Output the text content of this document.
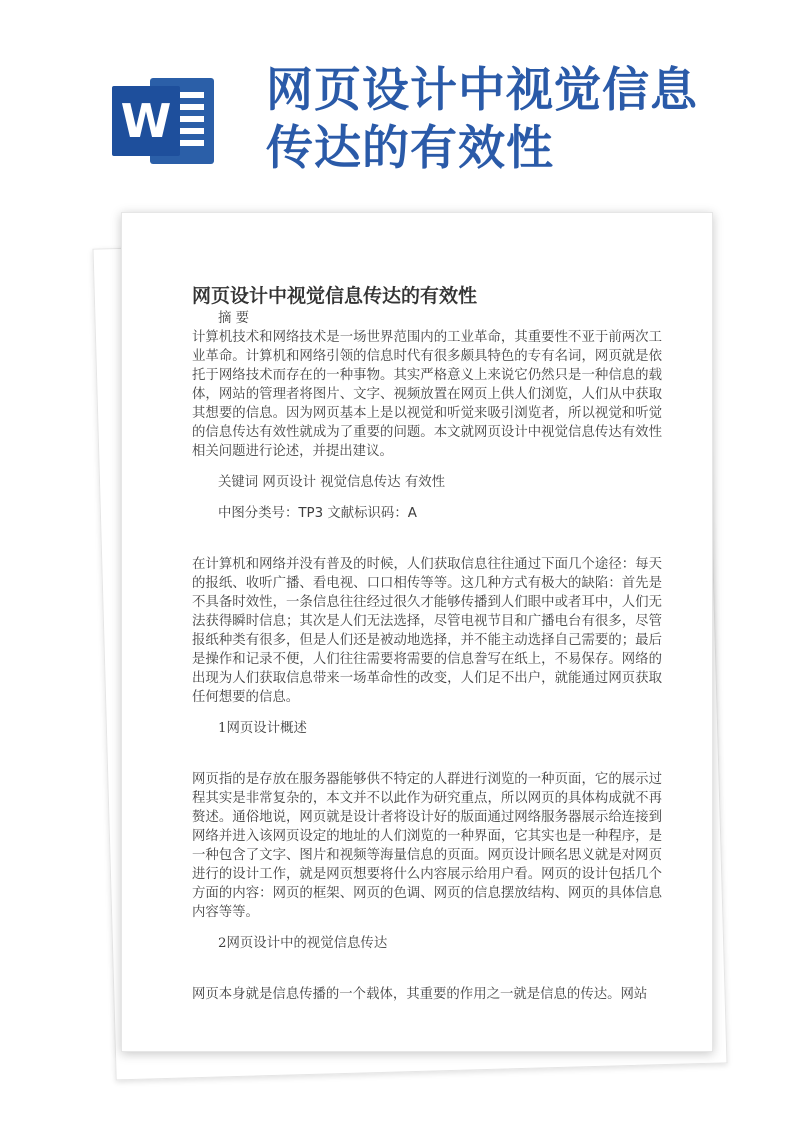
W
网页设计中视觉信息传达的有效性

网页设计中视觉信息传达的有效性

摘 要

计算机技术和网络技术是一场世界范围内的工业革命，其重要性不亚于前两次工业革命。计算机和网络引领的信息时代有很多颇具特色的专有名词，网页就是依托于网络技术而存在的一种事物。其实严格意义上来说它仍然只是一种信息的载体，网站的管理者将图片、文字、视频放置在网页上供人们浏览，人们从中获取其想要的信息。因为网页基本上是以视觉和听觉来吸引浏览者，所以视觉和听觉的信息传达有效性就成为了重要的问题。本文就网页设计中视觉信息传达有效性相关问题进行论述，并提出建议。

关键词 网页设计 视觉信息传达 有效性

中图分类号：TP3 文献标识码：A

在计算机和网络并没有普及的时候，人们获取信息往往通过下面几个途径：每天的报纸、收听广播、看电视、口口相传等等。这几种方式有极大的缺陷：首先是不具备时效性，一条信息往往经过很久才能够传播到人们眼中或者耳中，人们无法获得瞬时信息；其次是人们无法选择，尽管电视节目和广播电台有很多，尽管报纸种类有很多，但是人们还是被动地选择，并不能主动选择自己需要的；最后是操作和记录不便，人们往往需要将需要的信息誊写在纸上，不易保存。网络的出现为人们获取信息带来一场革命性的改变，人们足不出户，就能通过网页获取任何想要的信息。

1网页设计概述

网页指的是存放在服务器能够供不特定的人群进行浏览的一种页面，它的展示过程其实是非常复杂的，本文并不以此作为研究重点，所以网页的具体构成就不再赘述。通俗地说，网页就是设计者将设计好的版面通过网络服务器展示给连接到网络并进入该网页设定的地址的人们浏览的一种界面，它其实也是一种程序，是一种包含了文字、图片和视频等海量信息的页面。网页设计顾名思义就是对网页进行的设计工作，就是网页想要将什么内容展示给用户看。网页的设计包括几个方面的内容：网页的框架、网页的色调、网页的信息摆放结构、网页的具体信息内容等等。

2网页设计中的视觉信息传达

网页本身就是信息传播的一个载体，其重要的作用之一就是信息的传达。网站
